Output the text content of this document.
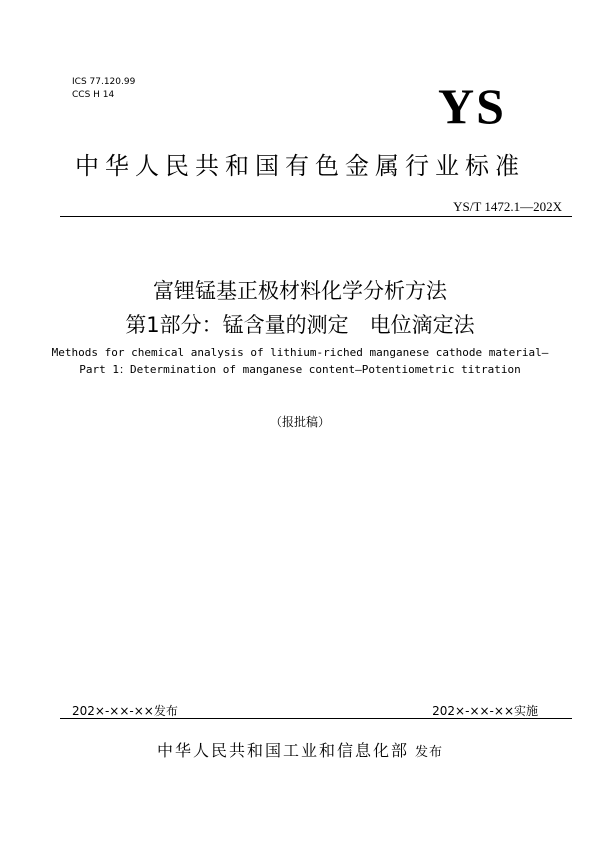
ICS 77.120.99
CCS H 14	YS
中华人民共和国有色金属行业标准
YS/T 1472.1—202X
富锂锰基正极材料化学分析方法
第1部分：锰含量的测定　电位滴定法
Methods for chemical analysis of lithium-riched manganese cathode material—
Part 1：Determination of manganese content—Potentiometric titration
（报批稿）
202×-××-××发布	202×-××-××实施
中华人民共和国工业和信息化部 发布
